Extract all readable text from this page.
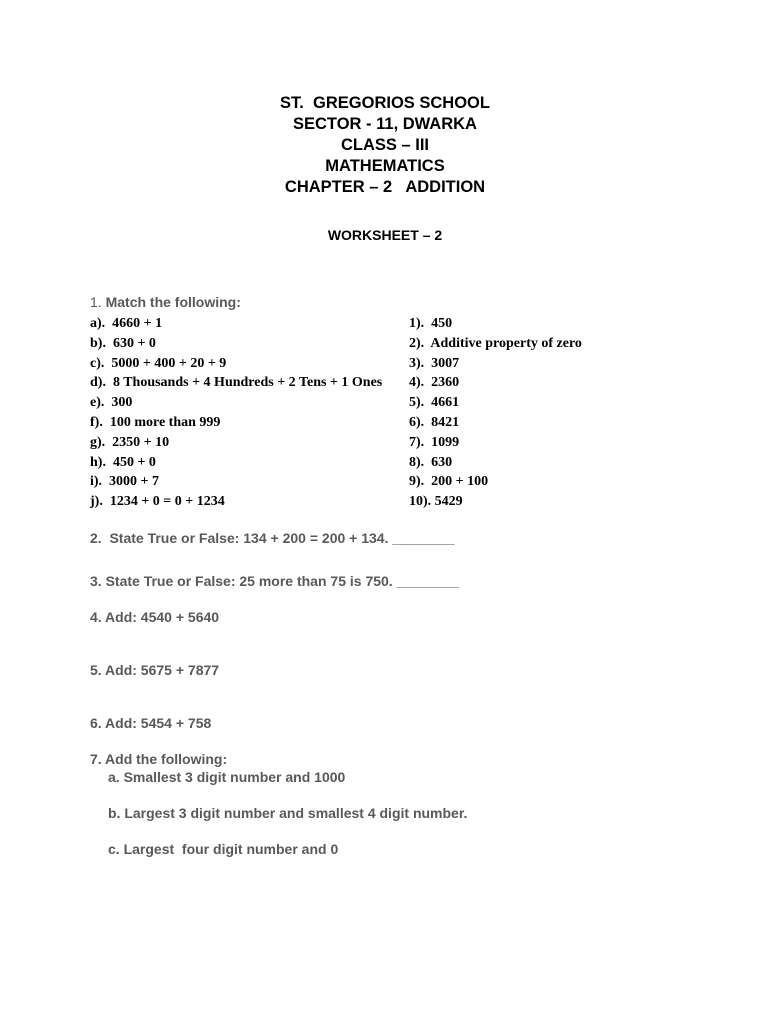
ST.  GREGORIOS SCHOOL
SECTOR - 11, DWARKA
CLASS – III
MATHEMATICS
CHAPTER – 2   ADDITION
WORKSHEET – 2
1. Match the following:
a).  4660 + 1	1).  450
b).  630 + 0	2).  Additive property of zero
c).  5000 + 400 + 20 + 9	3).  3007
d).  8 Thousands + 4 Hundreds + 2 Tens + 1 Ones 4).  2360
e).  300	5).  4661
f).  100 more than 999	6).  8421
g).  2350 + 10	7).  1099
h).  450 + 0	8).  630
i).  3000 + 7	9).  200 + 100
j).  1234 + 0 = 0 + 1234	10). 5429
2.  State True or False: 134 + 200 = 200 + 134. ________
3. State True or False: 25 more than 75 is 750. ________
4. Add: 4540 + 5640
5. Add: 5675 + 7877
6. Add: 5454 + 758
7. Add the following:
a. Smallest 3 digit number and 1000
b. Largest 3 digit number and smallest 4 digit number.
c. Largest  four digit number and 0
